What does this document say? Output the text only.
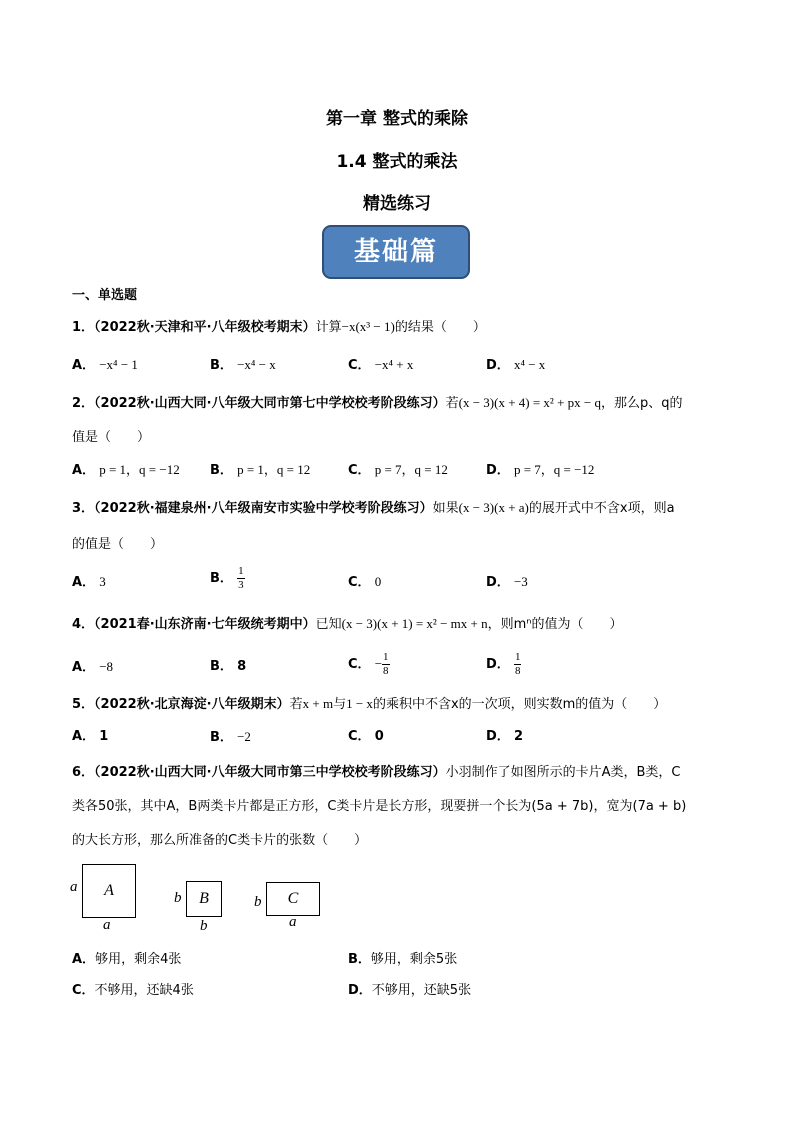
第一章 整式的乘除
1.4 整式的乘法
精选练习
基础篇
一、单选题
1．（2022秋·天津和平·八年级校考期末）计算−x(x³ − 1)的结果（　　）
A． −x⁴ − 1	B． −x⁴ − x	C． −x⁴ + x	D． x⁴ − x
2．（2022秋·山西大同·八年级大同市第七中学校校考阶段练习）若(x − 3)(x + 4) = x² + px − q，那么p、q的
值是（　　）
A． p = 1，q = −12 B． p = 1，q = 12	C． p = 7，q = 12	D． p = 7，q = −12
3．（2022秋·福建泉州·八年级南安市实验中学校考阶段练习）如果(x − 3)(x + a)的展开式中不含x项，则a
的值是（　　）
A． 3	B． $\frac{1}{3}$	C． 0	D． −3
4．（2021春·山东济南·七年级统考期中）已知(x − 3)(x + 1) = x² − mx + n，则mⁿ的值为（　　）
A． −8	B． 8	C． − $\frac{1}{8}$	D． $\frac{1}{8}$
5．（2022秋·北京海淀·八年级期末）若x + m与1 − x的乘积中不含x的一次项，则实数m的值为（　　）
A． 1	B． −2	C． 0	D． 2
6．（2022秋·山西大同·八年级大同市第三中学校校考阶段练习）小羽制作了如图所示的卡片A类，B类，C
类各50张，其中A，B两类卡片都是正方形，C类卡片是长方形，现要拼一个长为(5a + 7b)，宽为(7a + b)
的大长方形，那么所准备的C类卡片的张数（　　）
a	A
a
b	B
b
b	C
a
A．够用，剩余4张	B．够用，剩余5张
C．不够用，还缺4张	D．不够用，还缺5张
